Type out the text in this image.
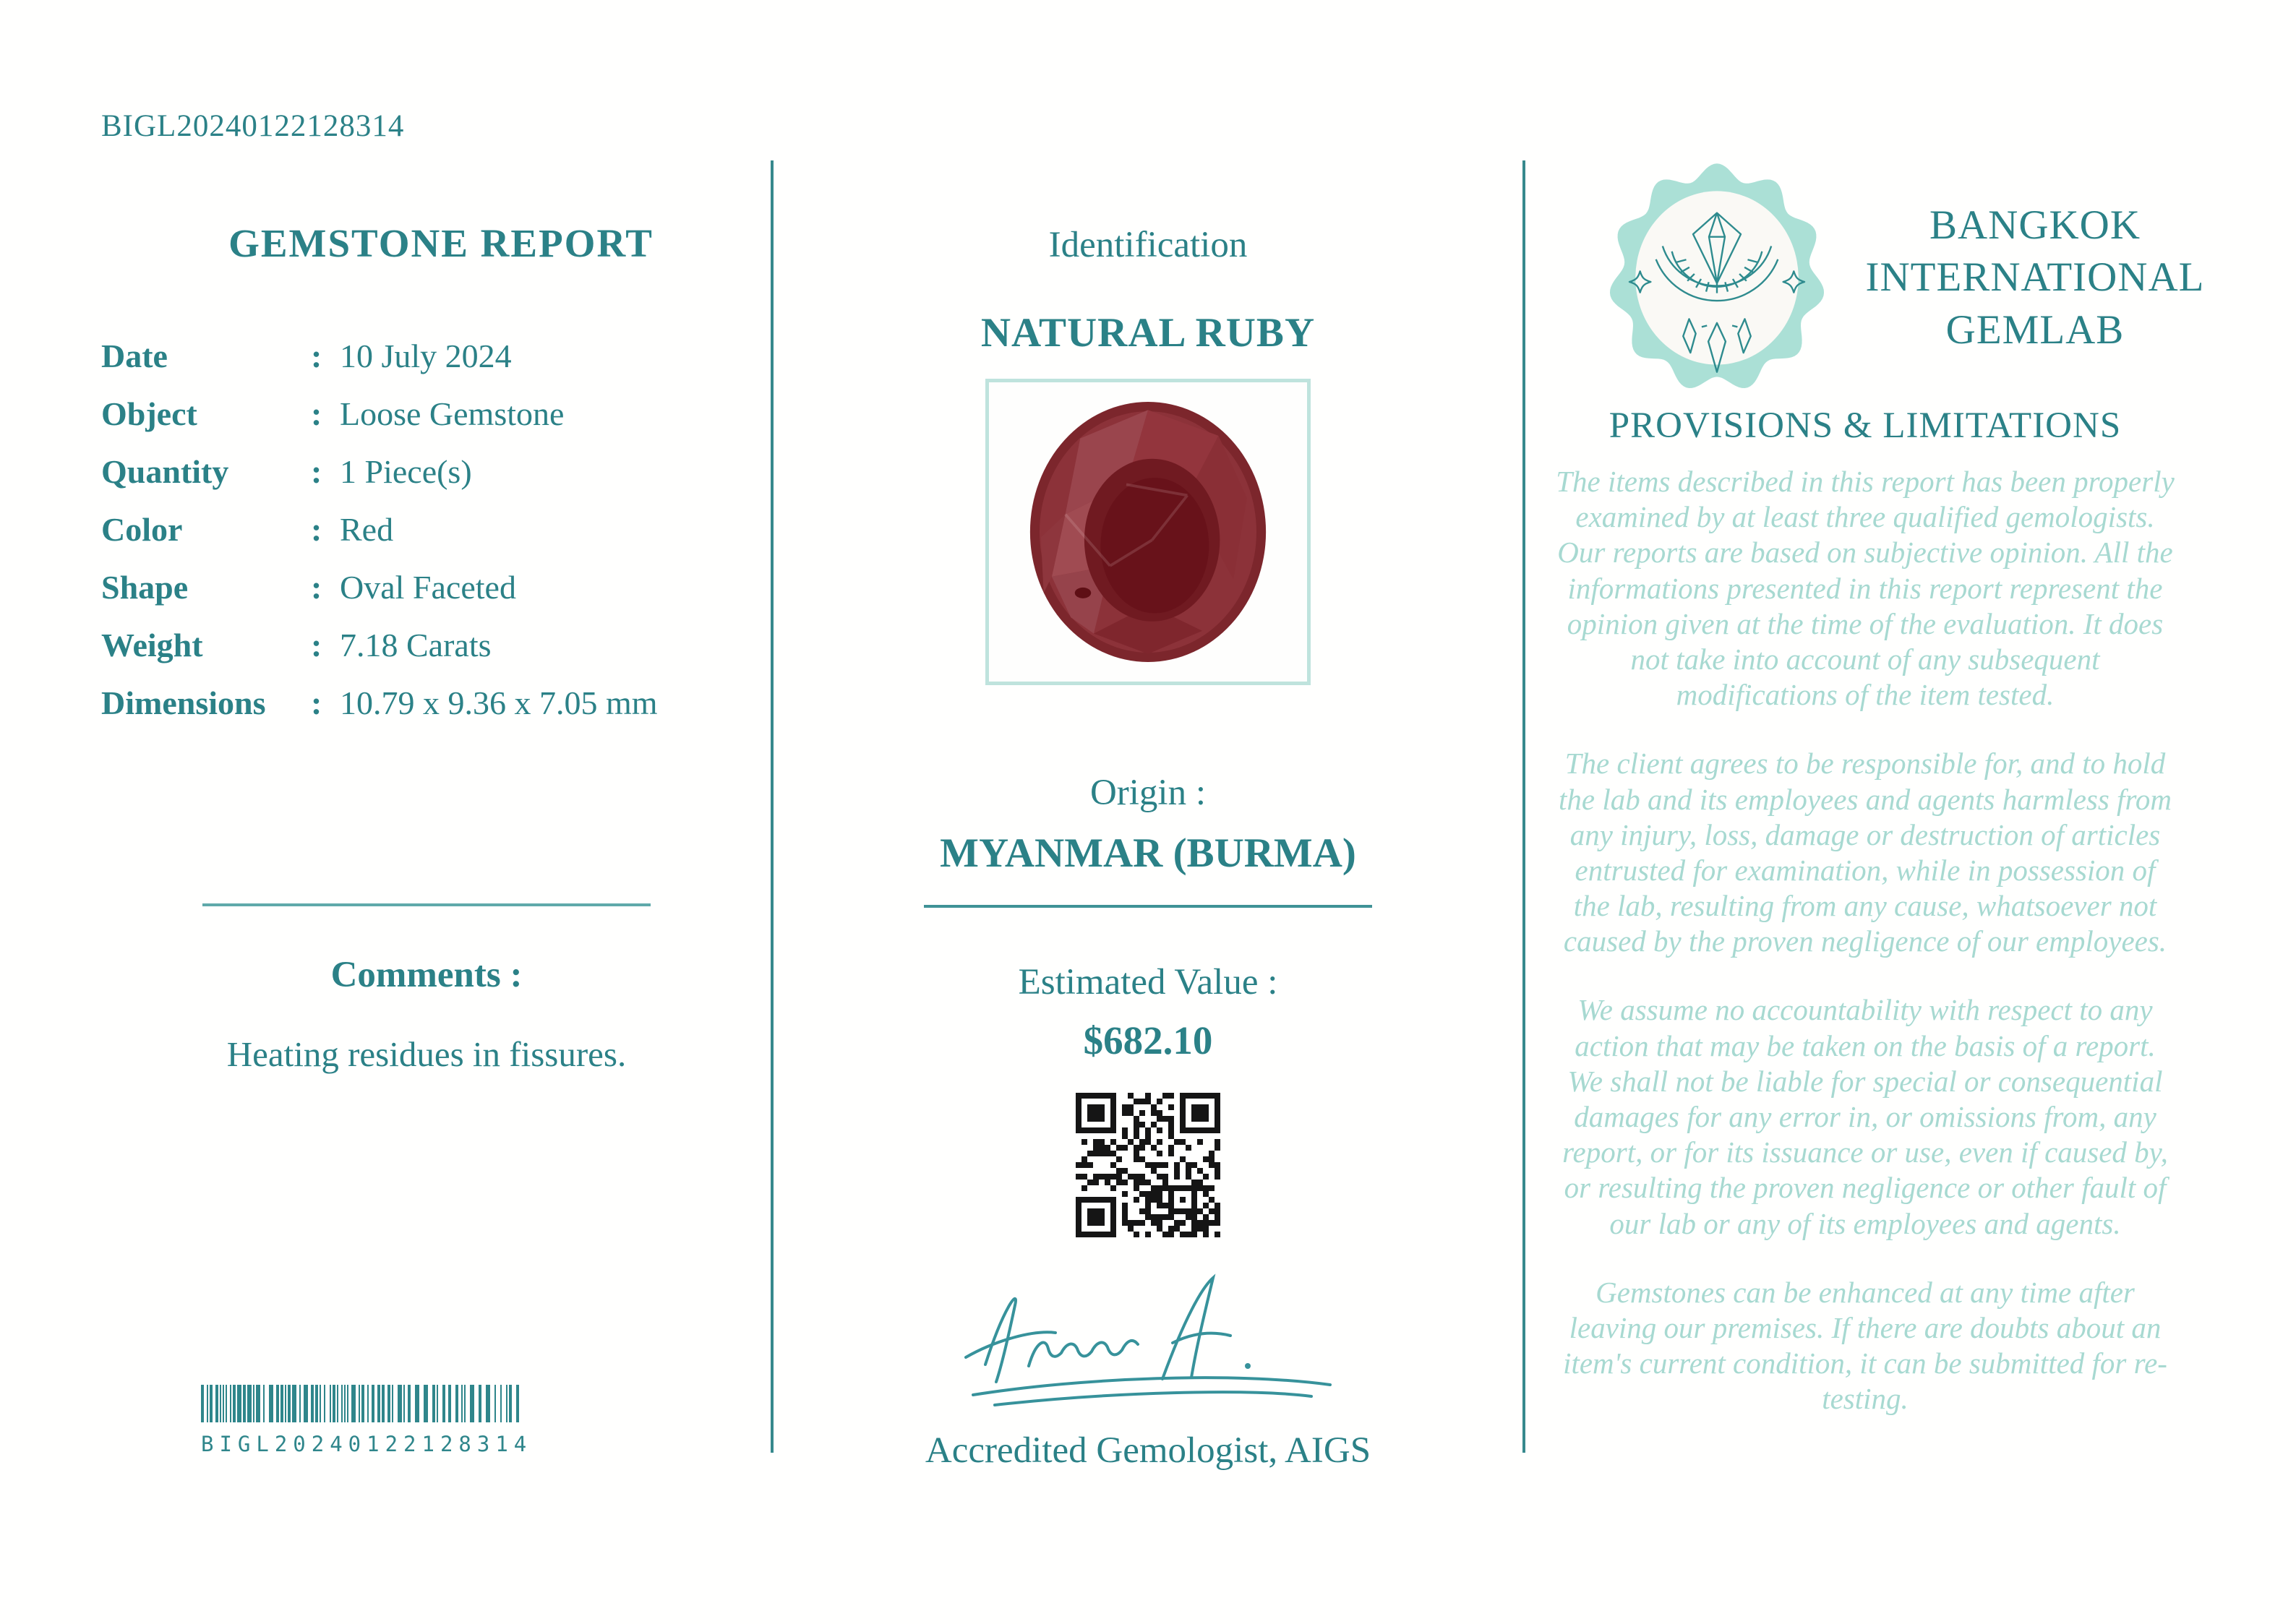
BIGL20240122128314
GEMSTONE REPORT
Date	: 10 July 2024
Object	: Loose Gemstone
Quantity	: 1 Piece(s)
Color	: Red
Shape	: Oval Faceted
Weight	: 7.18 Carats
Dimensions	: 10.79 x 9.36 x 7.05 mm
Comments :
Heating residues in fissures.
BIGL20240122128314
Identification
NATURAL RUBY
Origin :
MYANMAR (BURMA)
Estimated Value :
$682.10
Accredited Gemologist, AIGS
BANGKOK
INTERNATIONAL
GEMLAB
PROVISIONS & LIMITATIONS

The items described in this report has been properly examined by at least three qualified gemologists. Our reports are based on subjective opinion. All the informations presented in this report represent the opinion given at the time of the evaluation. It does not take into account of any subsequent modifications of the item tested.

The client agrees to be responsible for, and to hold the lab and its employees and agents harmless from any injury, loss, damage or destruction of articles entrusted for examination, while in possession of the lab, resulting from any cause, whatsoever not caused by the proven negligence of our employees.

We assume no accountability with respect to any action that may be taken on the basis of a report. We shall not be liable for special or consequential damages for any error in, or omissions from, any report, or for its issuance or use, even if caused by, or resulting the proven negligence or other fault of our lab or any of its employees and agents.

Gemstones can be enhanced at any time after leaving our premises. If there are doubts about an item's current condition, it can be submitted for re-testing.
